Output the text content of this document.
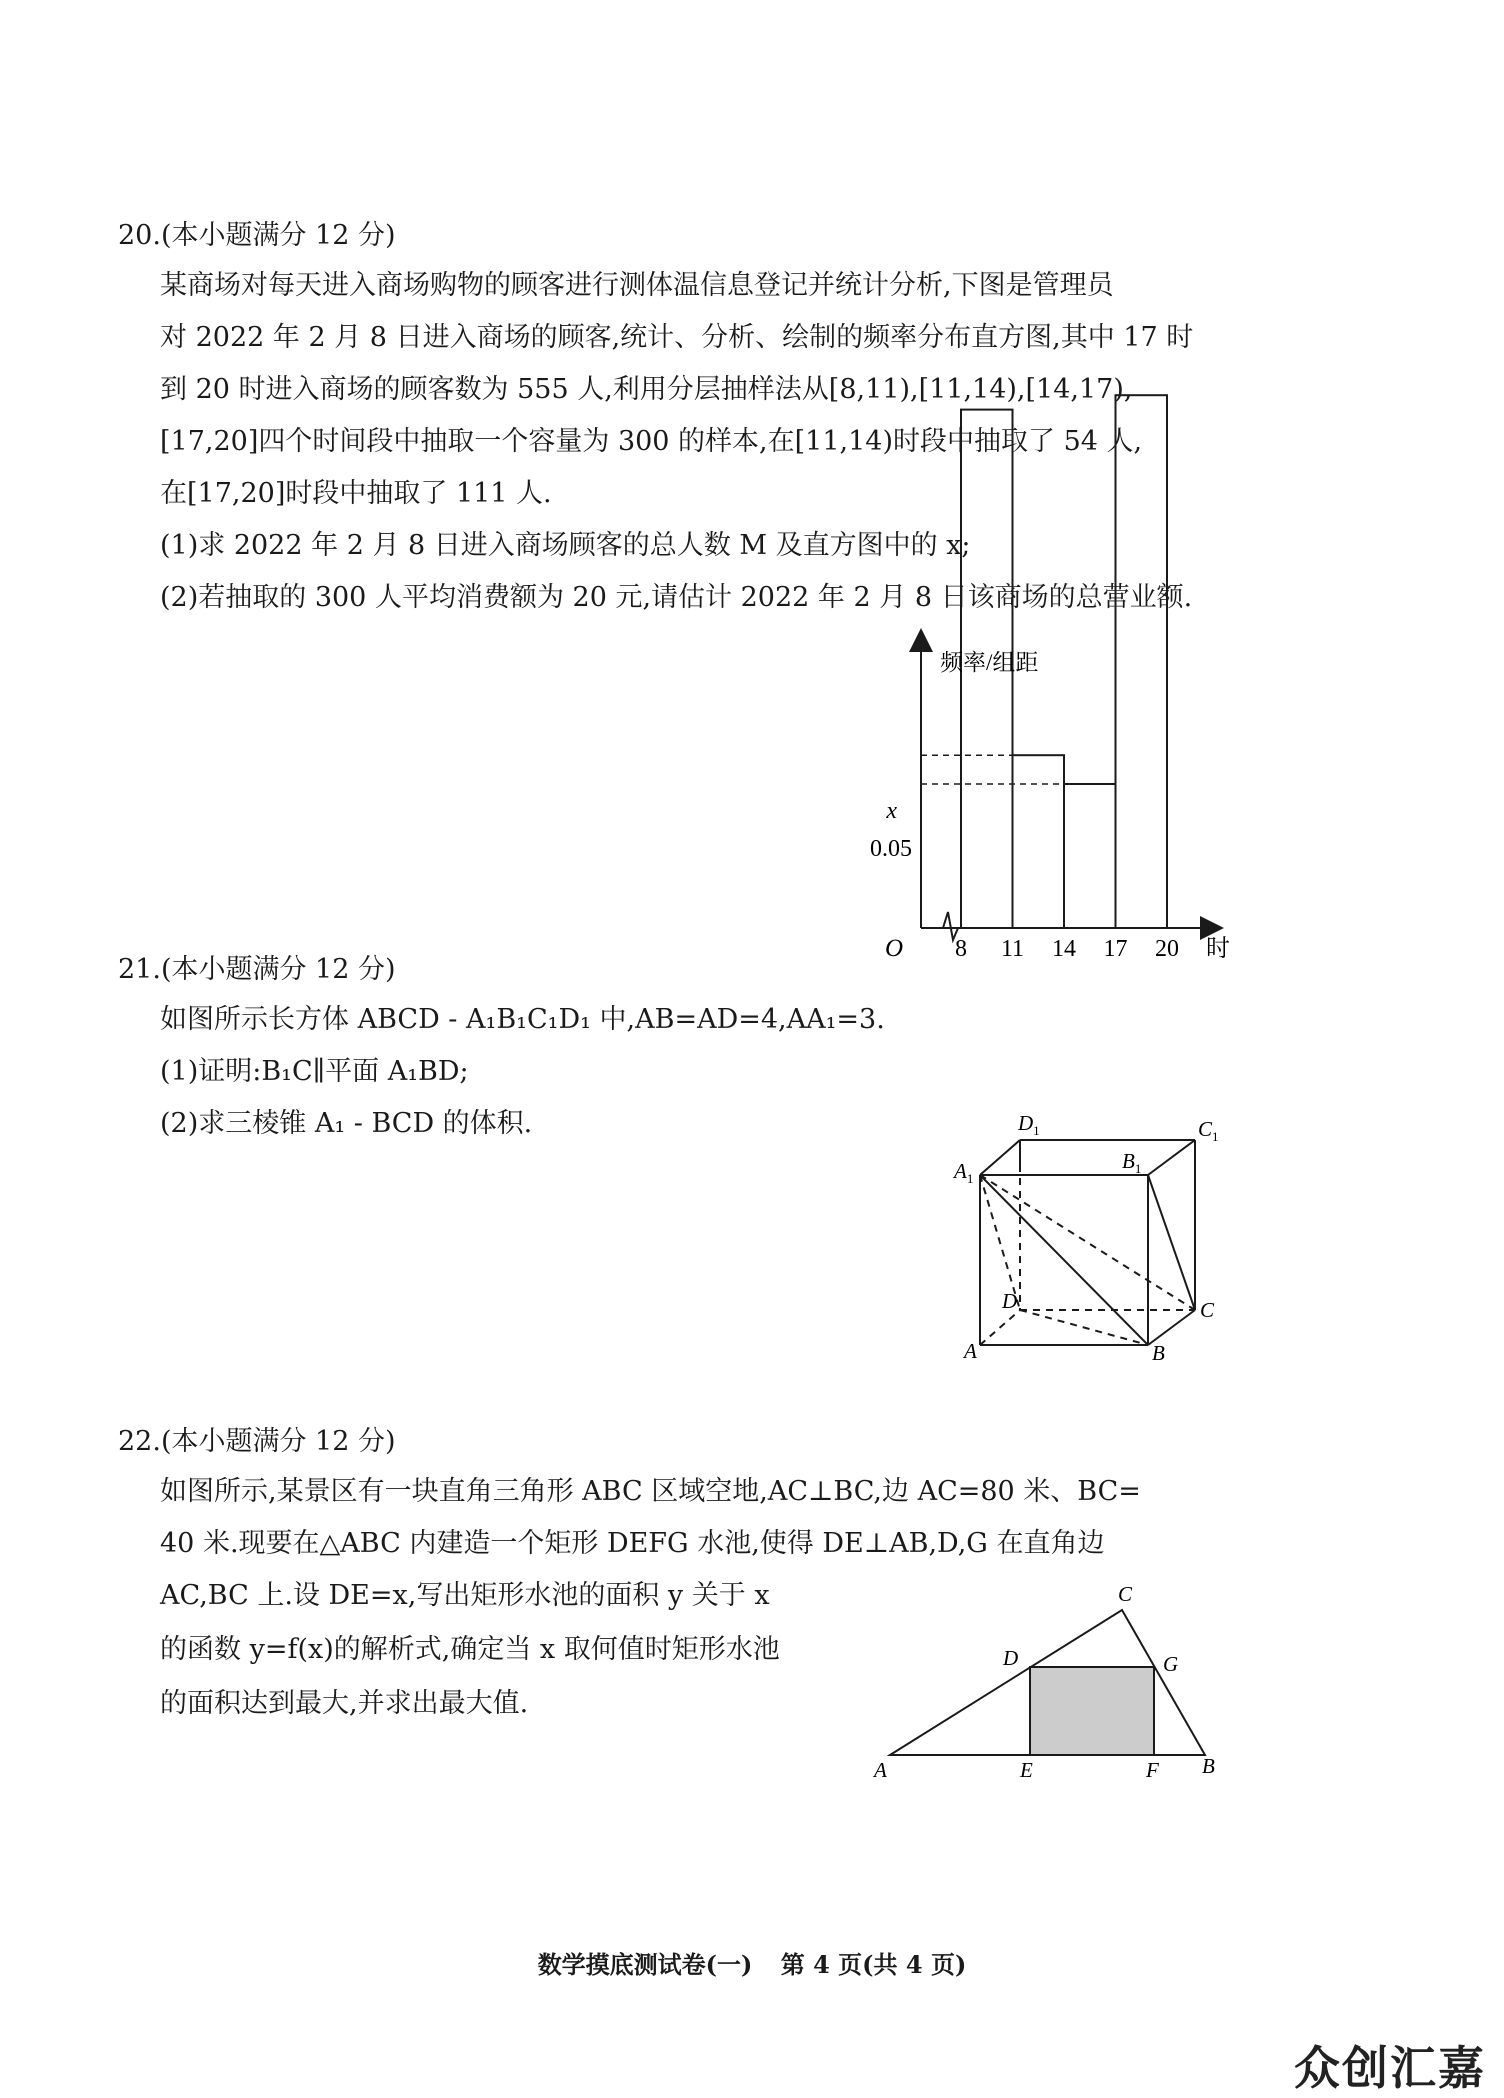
20.(本小题满分 12 分)
某商场对每天进入商场购物的顾客进行测体温信息登记并统计分析,下图是管理员
对 2022 年 2 月 8 日进入商场的顾客,统计、分析、绘制的频率分布直方图,其中 17 时
到 20 时进入商场的顾客数为 555 人,利用分层抽样法从[8,11),[11,14),[14,17),
[17,20]四个时间段中抽取一个容量为 300 的样本,在[11,14)时段中抽取了 54 人,
在[17,20]时段中抽取了 111 人.
(1)求 2022 年 2 月 8 日进入商场顾客的总人数 M 及直方图中的 x;
(2)若抽取的 300 人平均消费额为 20 元,请估计 2022 年 2 月 8 日该商场的总营业额.
频率/组距
x
0.05
O 8 11 14 17 20 时
21.(本小题满分 12 分)
如图所示长方体 ABCD - A₁B₁C₁D₁ 中,AB=AD=4,AA₁=3.
(1)证明:B₁C∥平面 A₁BD;
(2)求三棱锥 A₁ - BCD 的体积.	$D_1$	$C_1$
$A_1$
$B_1$
D	C
A	B
22.(本小题满分 12 分)
如图所示,某景区有一块直角三角形 ABC 区域空地,AC⊥BC,边 AC=80 米、BC=
40 米.现要在△ABC 内建造一个矩形 DEFG 水池,使得 DE⊥AB,D,G 在直角边
AC,BC 上.设 DE=x,写出矩形水池的面积 y 关于 x
的函数 y=f(x)的解析式,确定当 x 取何值时矩形水池
的面积达到最大,并求出最大值.
A	B
C
D
E	F
G
数学摸底测试卷(一) 第 4 页(共 4 页)
众创汇嘉
